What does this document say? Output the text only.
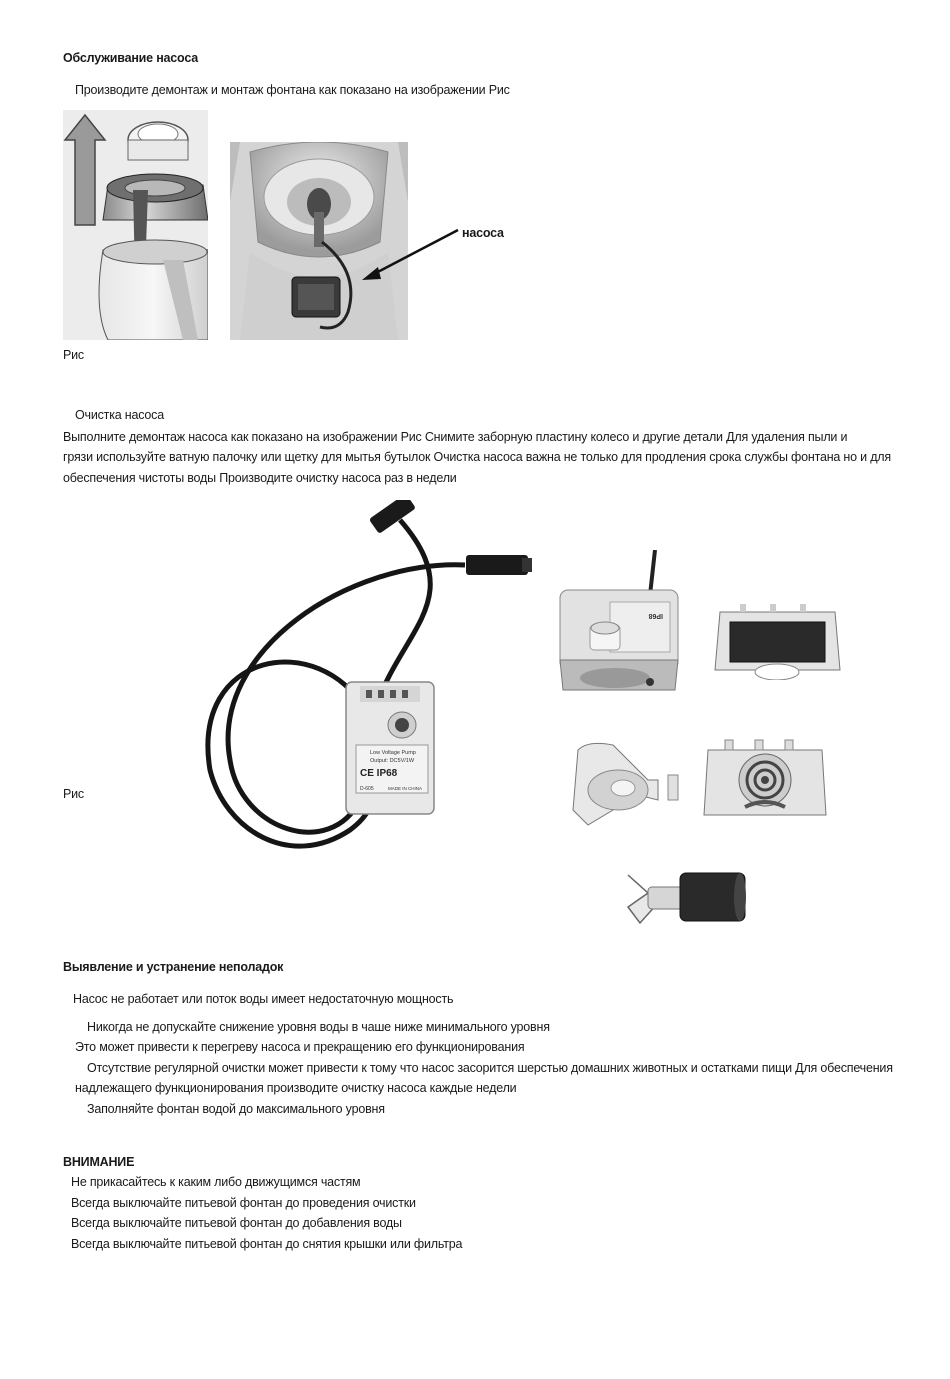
Обслуживание насоса
Производите демонтаж и монтаж фонтана как показано на изображении Рис
насоса
Рис
Очистка насоса
Выполните демонтаж насоса как показано на изображении Рис Снимите заборную пластину колесо и другие детали Для удаления пыли и
грязи используйте ватную палочку или щетку для мытья бутылок Очистка насоса важна не только для продления срока службы фонтана но и для
обеспечения чистоты воды Производите очистку насоса раз в недели
Low Voltage Pump
Output: DC5V/1W
CE IP68
D-605	MADE IN CHINA
Рис
IP68
Выявление и устранение неполадок
Насос не работает или поток воды имеет недостаточную мощность
Никогда не допускайте снижение уровня воды в чаше ниже минимального уровня
Это может привести к перегреву насоса и прекращению его функционирования
Отсутствие регулярной очистки может привести к тому что насос засорится шерстью домашних животных и остатками пищи Для обеспечения
надлежащего функционирования производите очистку насоса каждые недели
Заполняйте фонтан водой до максимального уровня
ВНИМАНИЕ
Не прикасайтесь к каким либо движущимся частям
Всегда выключайте питьевой фонтан до проведения очистки
Всегда выключайте питьевой фонтан до добавления воды
Всегда выключайте питьевой фонтан до снятия крышки или фильтра
